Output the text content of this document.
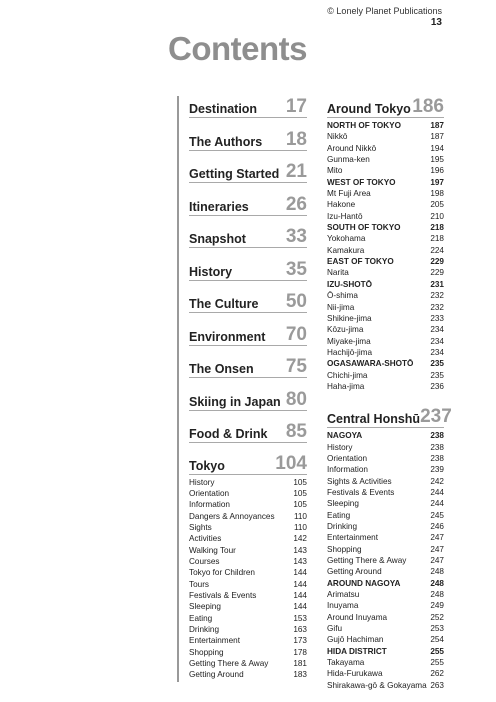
© Lonely Planet Publications
13
Contents
Destination 17
The Authors 18
Getting Started 21
Itineraries 26
Snapshot 33
History	35
The Culture 50
Environment 70
The Onsen 75
Skiing in Japan 80
Food & Drink 85
Tokyo	104
History	105
Orientation	105
Information	105
Dangers & Annoyances 110
Sights	110
Activities	142
Walking Tour	143
Courses	143
Tokyo for Children	144
Tours	144
Festivals & Events	144
Sleeping	144
Eating	153
Drinking	163
Entertainment	173
Shopping	178
Getting There & Away	181
Getting Around	183
Around Tokyo 186
NORTH OF TOKYO	187
Nikkō	187
Around Nikkō	194
Gunma-ken	195
Mito	196
WEST OF TOKYO	197
Mt Fuji Area	198
Hakone	205
Izu-Hantō	210
SOUTH OF TOKYO	218
Yokohama	218
Kamakura	224
EAST OF TOKYO	229
Narita	229
IZU-SHOTŌ	231
Ō-shima	232
Nii-jima	232
Shikine-jima	233
Kōzu-jima	234
Miyake-jima	234
Hachijō-jima	234
OGASAWARA-SHOTŌ 235
Chichi-jima	235
Haha-jima	236
Central Honshū 237
NAGOYA	238
History	238
Orientation	238
Information	239
Sights & Activities	242
Festivals & Events	244
Sleeping	244
Eating	245
Drinking	246
Entertainment	247
Shopping	247
Getting There & Away	247
Getting Around	248
AROUND NAGOYA	248
Arimatsu	248
Inuyama	249
Around Inuyama	252
Gifu	253
Gujō Hachiman	254
HIDA DISTRICT	255
Takayama	255
Hida-Furukawa	262
Shirakawa-gō & Gokayama 263
